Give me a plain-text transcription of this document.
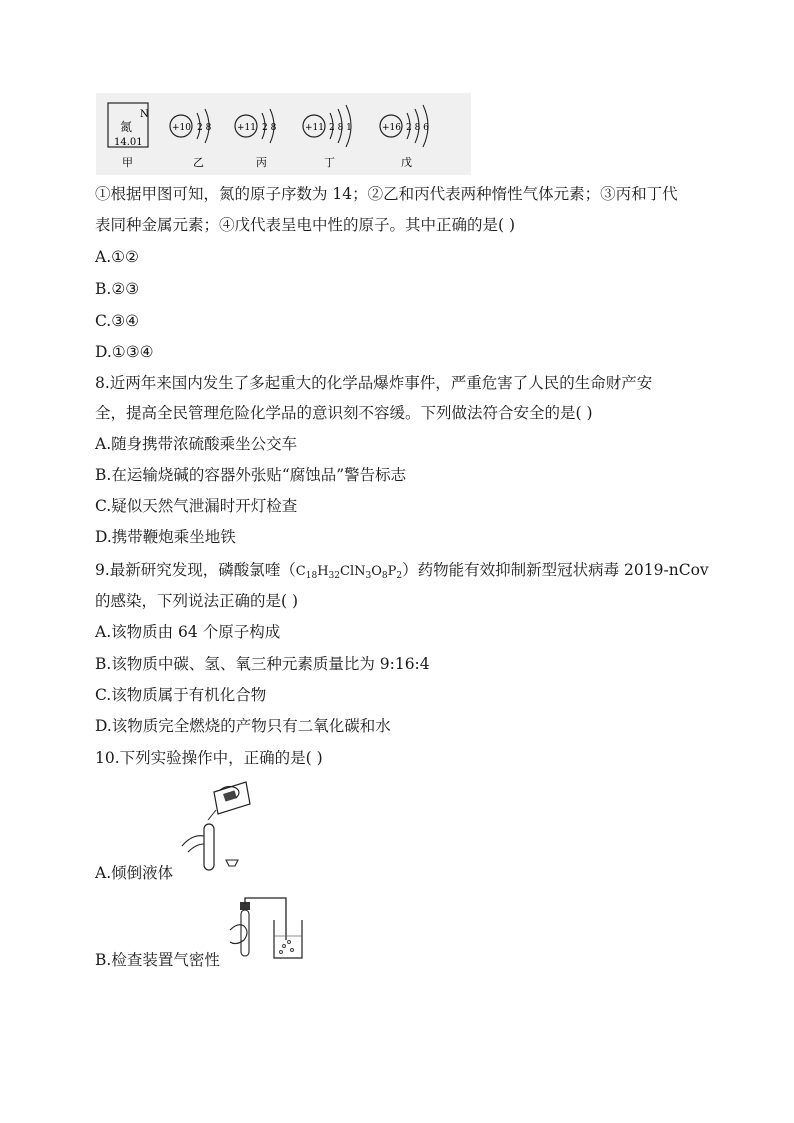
N
氮
14.01
+10 2 8	+11 2 8	+11 2 8 1	+16 2 8 6
甲	乙	丙	丁	戊
①根据甲图可知，氮的原子序数为 14；②乙和丙代表两种惰性气体元素；③丙和丁代
表同种金属元素；④戊代表呈电中性的原子。其中正确的是( )
A.①②
B.②③
C.③④
D.①③④
8.近两年来国内发生了多起重大的化学品爆炸事件，严重危害了人民的生命财产安
全，提高全民管理危险化学品的意识刻不容缓。下列做法符合安全的是( )
A.随身携带浓硫酸乘坐公交车
B.在运输烧碱的容器外张贴“腐蚀品”警告标志
C.疑似天然气泄漏时开灯检查
D.携带鞭炮乘坐地铁
9.最新研究发现，磷酸氯喹$(C_{18}H_{32}ClN_3O_8P_2)$药物能有效抑制新型冠状病毒 2019-nCov
的感染，下列说法正确的是( )
A.该物质由 64 个原子构成
B.该物质中碳、氢、氧三种元素质量比为 9:16:4
C.该物质属于有机化合物
D.该物质完全燃烧的产物只有二氧化碳和水
10.下列实验操作中，正确的是( )
A.倾倒液体
B.检查装置气密性
